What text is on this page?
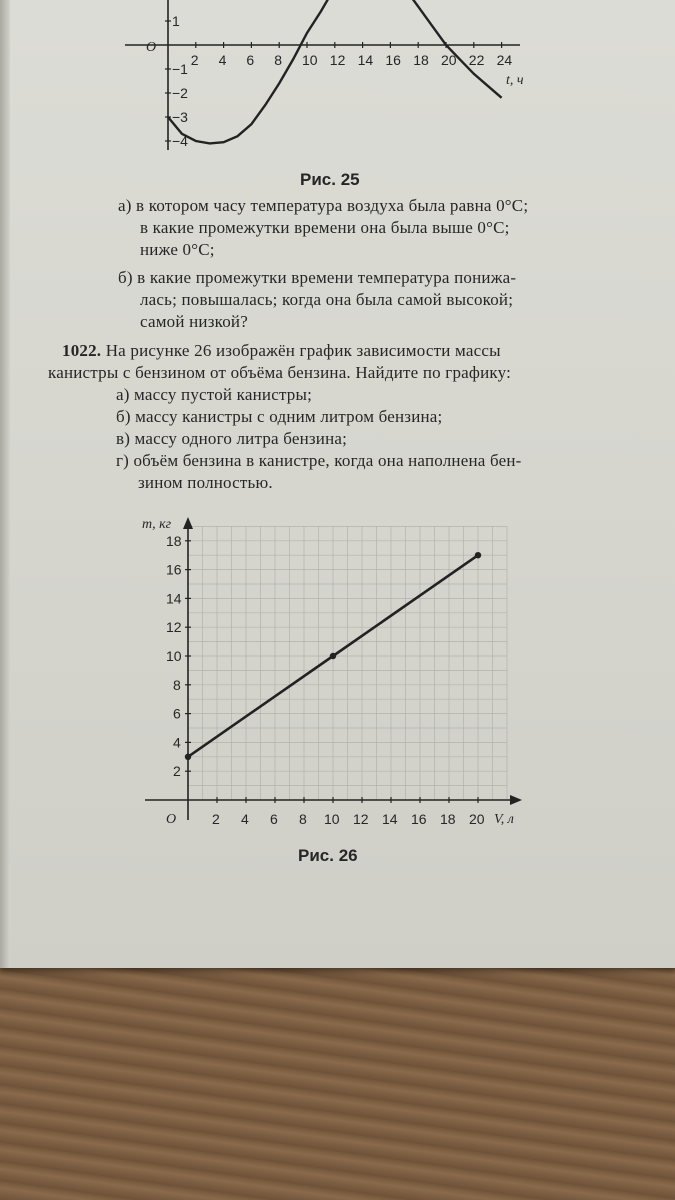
2 4 6 8 10 12 14 16 18 20 22 24
1
−1
−2
−3
−4
O
t, ч
Рис. 25
а) в котором часу температура воздуха была равна 0°C;
в какие промежутки времени она была выше 0°C;
ниже 0°C;
б) в какие промежутки времени температура понижа-
лась; повышалась; когда она была самой высокой;
самой низкой?
1022. На рисунке 26 изображён график зависимости массы
канистры с бензином от объёма бензина. Найдите по графику:
а) массу пустой канистры;
б) массу канистры с одним литром бензина;
в) массу одного литра бензина;
г) объём бензина в канистре, когда она наполнена бен-
зином полностью.
2 4 6 8 10 12 14 16 18 20
2
4
6
8
10
12
14
16
18
m, кг
V, л
O
Рис. 26
